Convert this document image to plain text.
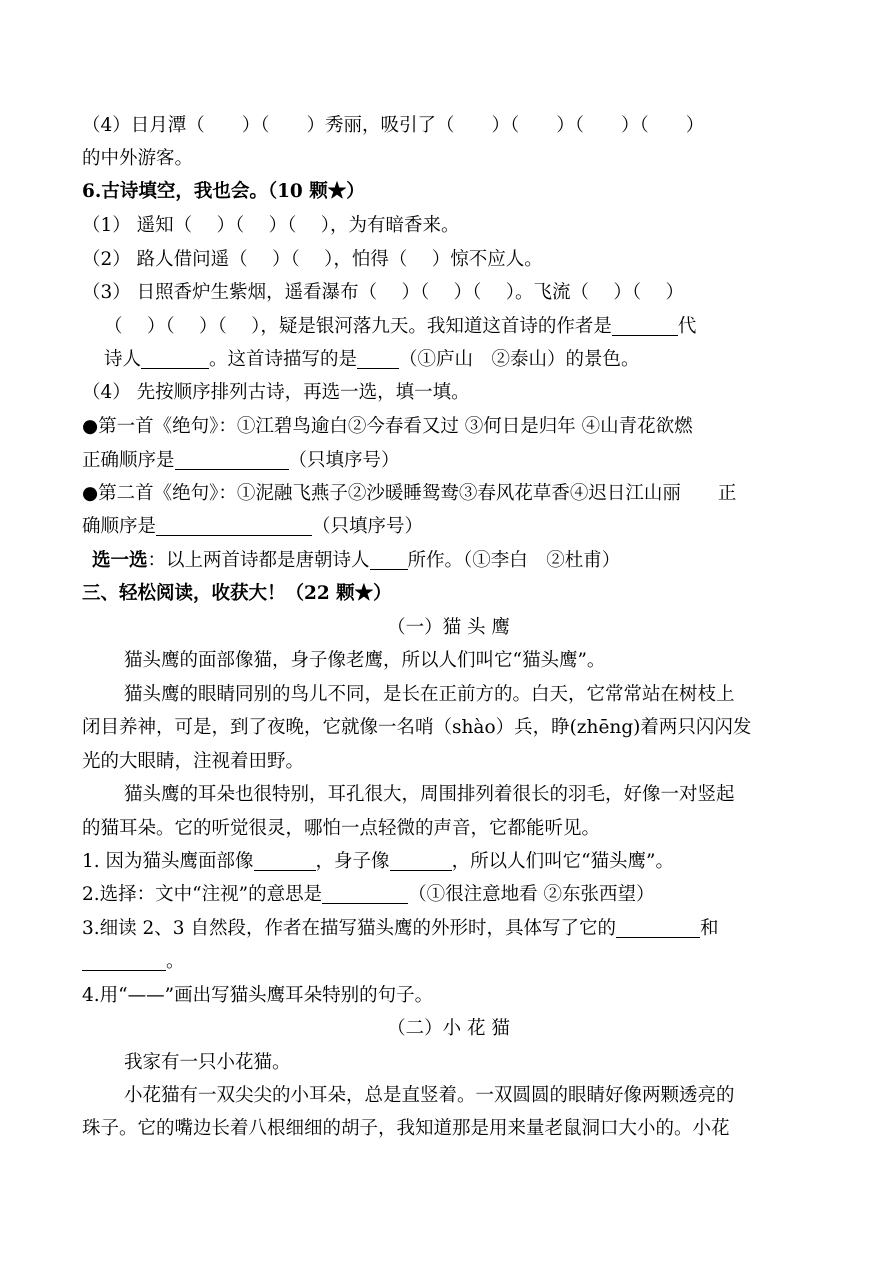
（4）日月潭（　　）（　　）秀丽，吸引了（　　）（　　）（　　）（　　）
的中外游客。
6.古诗填空，我也会。（10 颗★）
（1） 遥知（　 ）（　 ）（　 ），为有暗香来。
（2） 路人借问遥（　 ）（　 ），怕得（　 ）惊不应人。
（3） 日照香炉生紫烟，遥看瀑布（　 ）（　 ）（　 ）。飞流（　 ）（　 ）
（　 ）（　 ）（　 ），疑是银河落九天。我知道这首诗的作者是	代
诗人	。这首诗描写的是 （①庐山　②泰山）的景色。
（4） 先按顺序排列古诗，再选一选，填一填。
●第一首《绝句》：①江碧鸟逾白②今春看又过 ③何日是归年 ④山青花欲燃
正确顺序是	（只填序号）
●第二首《绝句》：①泥融飞燕子②沙暖睡鸳鸯③春风花草香④迟日江山丽　　正
确顺序是	（只填序号）
选一选：以上两首诗都是唐朝诗人 所作。（①李白　②杜甫）
三、轻松阅读，收获大！（22 颗★）
（一）猫 头 鹰
猫头鹰的面部像猫，身子像老鹰，所以人们叫它“猫头鹰”。
猫头鹰的眼睛同别的鸟儿不同，是长在正前方的。白天，它常常站在树枝上
闭目养神，可是，到了夜晚，它就像一名哨（shào）兵，睁(zhēng)着两只闪闪发
光的大眼睛，注视着田野。
猫头鹰的耳朵也很特别，耳孔很大，周围排列着很长的羽毛，好像一对竖起
的猫耳朵。它的听觉很灵，哪怕一点轻微的声音，它都能听见。
1. 因为猫头鹰面部像	，身子像	，所以人们叫它“猫头鹰”。
2.选择：文中“注视”的意思是	（①很注意地看 ②东张西望）
3.细读 2、3 自然段，作者在描写猫头鹰的外形时，具体写了它的	和
。
4.用“——”画出写猫头鹰耳朵特别的句子。
（二）小 花 猫
我家有一只小花猫。
小花猫有一双尖尖的小耳朵，总是直竖着。一双圆圆的眼睛好像两颗透亮的
珠子。它的嘴边长着八根细细的胡子，我知道那是用来量老鼠洞口大小的。小花
